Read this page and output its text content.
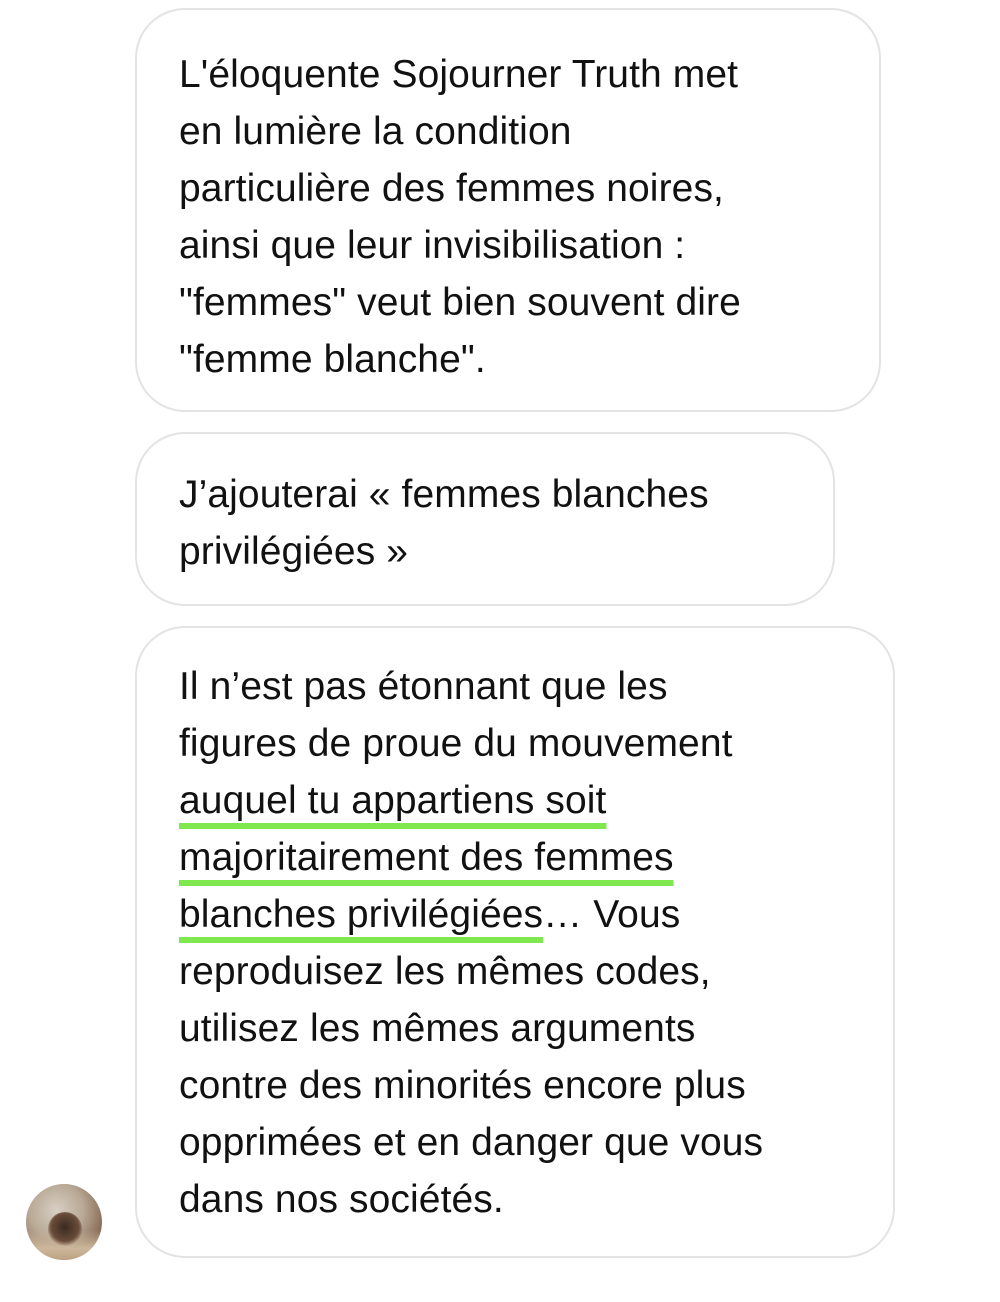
L'éloquente Sojourner Truth met
en lumière la condition
particulière des femmes noires,
ainsi que leur invisibilisation :
"femmes" veut bien souvent dire
"femme blanche".
J’ajouterai « femmes blanches
privilégiées »
Il n’est pas étonnant que les
figures de proue du mouvement
auquel tu appartiens soit
majoritairement des femmes
blanches privilégiées… Vous
reproduisez les mêmes codes,
utilisez les mêmes arguments
contre des minorités encore plus
opprimées et en danger que vous
dans nos sociétés.
